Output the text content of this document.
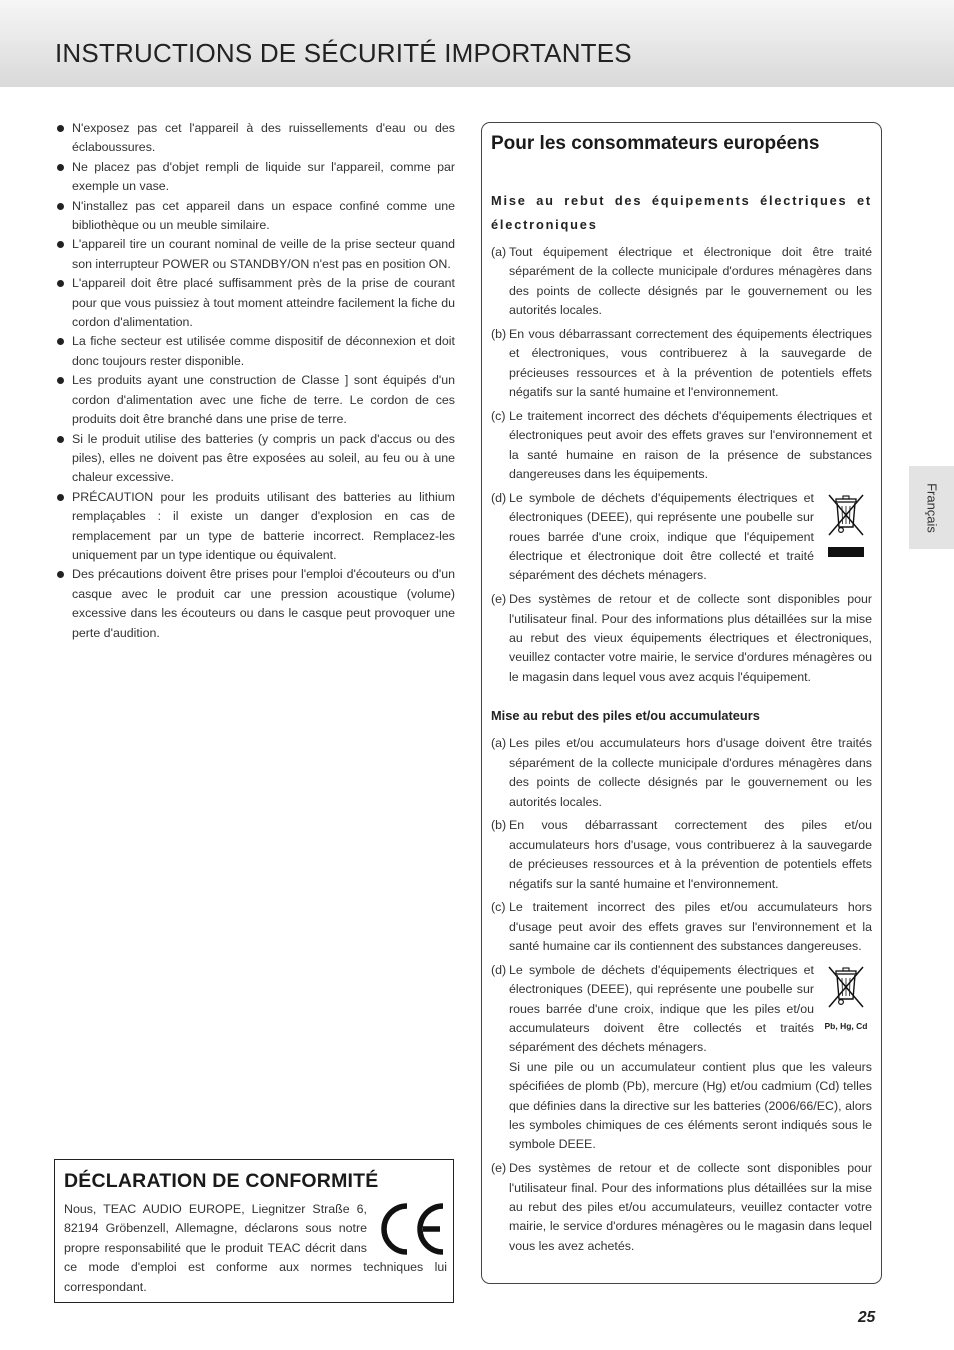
INSTRUCTIONS DE SÉCURITÉ IMPORTANTES
N'exposez pas cet l'appareil à des ruissellements d'eau ou des éclaboussures.
Ne placez pas d'objet rempli de liquide sur l'appareil, comme par exemple un vase.
N'installez pas cet appareil dans un espace confiné comme une bibliothèque ou un meuble similaire.
L'appareil tire un courant nominal de veille de la prise secteur quand son interrupteur POWER ou STANDBY/ON n'est pas en position ON.
L'appareil doit être placé suffisamment près de la prise de courant pour que vous puissiez à tout moment atteindre facilement la fiche du cordon d'alimentation.
La fiche secteur est utilisée comme dispositif de déconnexion et doit donc toujours rester disponible.
Les produits ayant une construction de Classe ] sont équipés d'un cordon d'alimentation avec une fiche de terre. Le cordon de ces produits doit être branché dans une prise de terre.
Si le produit utilise des batteries (y compris un pack d'accus ou des piles), elles ne doivent pas être exposées au soleil, au feu ou à une chaleur excessive.
PRÉCAUTION pour les produits utilisant des batteries au lithium remplaçables : il existe un danger d'explosion en cas de remplacement par un type de batterie incorrect. Remplacez-les uniquement par un type identique ou équivalent.
Des précautions doivent être prises pour l'emploi d'écouteurs ou d'un casque avec le produit car une pression acoustique (volume) excessive dans les écouteurs ou dans le casque peut provoquer une perte d'audition.
DÉCLARATION DE CONFORMITÉ
Nous, TEAC AUDIO EUROPE, Liegnitzer Straße 6, 82194 Gröbenzell, Allemagne, déclarons sous notre propre responsabilité que le produit TEAC décrit dans ce mode d'emploi est conforme aux normes techniques lui correspondant.
Pour les consommateurs européens

Mise au rebut des équipements électriques et électroniques

(a) Tout équipement électrique et électronique doit être traité séparément de la collecte municipale d'ordures ménagères dans des points de collecte désignés par le gouvernement ou les autorités locales.
(b) En vous débarrassant correctement des équipements électriques et électroniques, vous contribuerez à la sauvegarde de précieuses ressources et à la prévention de potentiels effets négatifs sur la santé humaine et l'environnement.
(c) Le traitement incorrect des déchets d'équipements électriques et électroniques peut avoir des effets graves sur l'environnement et la santé humaine en raison de la présence de substances dangereuses dans les équipements.
(d) Le symbole de déchets d'équipements électriques et électroniques (DEEE), qui représente une poubelle sur roues barrée d'une croix, indique que l'équipement électrique et électronique doit être collecté et traité séparément des déchets ménagers.
(e) Des systèmes de retour et de collecte sont disponibles pour l'utilisateur final. Pour des informations plus détaillées sur la mise au rebut des vieux équipements électriques et électroniques, veuillez contacter votre mairie, le service d'ordures ménagères ou le magasin dans lequel vous avez acquis l'équipement.

Mise au rebut des piles et/ou accumulateurs

(a) Les piles et/ou accumulateurs hors d'usage doivent être traités séparément de la collecte municipale d'ordures ménagères dans des points de collecte désignés par le gouvernement ou les autorités locales.
(b) En vous débarrassant correctement des piles et/ou accumulateurs hors d'usage, vous contribuerez à la sauvegarde de précieuses ressources et à la prévention de potentiels effets négatifs sur la santé humaine et l'environnement.
(c) Le traitement incorrect des piles et/ou accumulateurs hors d'usage peut avoir des effets graves sur l'environnement et la santé humaine car ils contiennent des substances dangereuses.
(d)
Pb, Hg, Cd
Le symbole de déchets d'équipements électriques et électroniques (DEEE), qui représente une poubelle sur roues barrée d'une croix, indique que les piles et/ou accumulateurs doivent être collectés et traités séparément des déchets ménagers.
Si une pile ou un accumulateur contient plus que les valeurs spécifiées de plomb (Pb), mercure (Hg) et/ou cadmium (Cd) telles que définies dans la directive sur les batteries (2006/66/EC), alors les symboles chimiques de ces éléments seront indiqués sous le symbole DEEE.
(e) Des systèmes de retour et de collecte sont disponibles pour l'utilisateur final. Pour des informations plus détaillées sur la mise au rebut des piles et/ou accumulateurs, veuillez contacter votre mairie, le service d'ordures ménagères ou le magasin dans lequel vous les avez achetés.
Français
25
